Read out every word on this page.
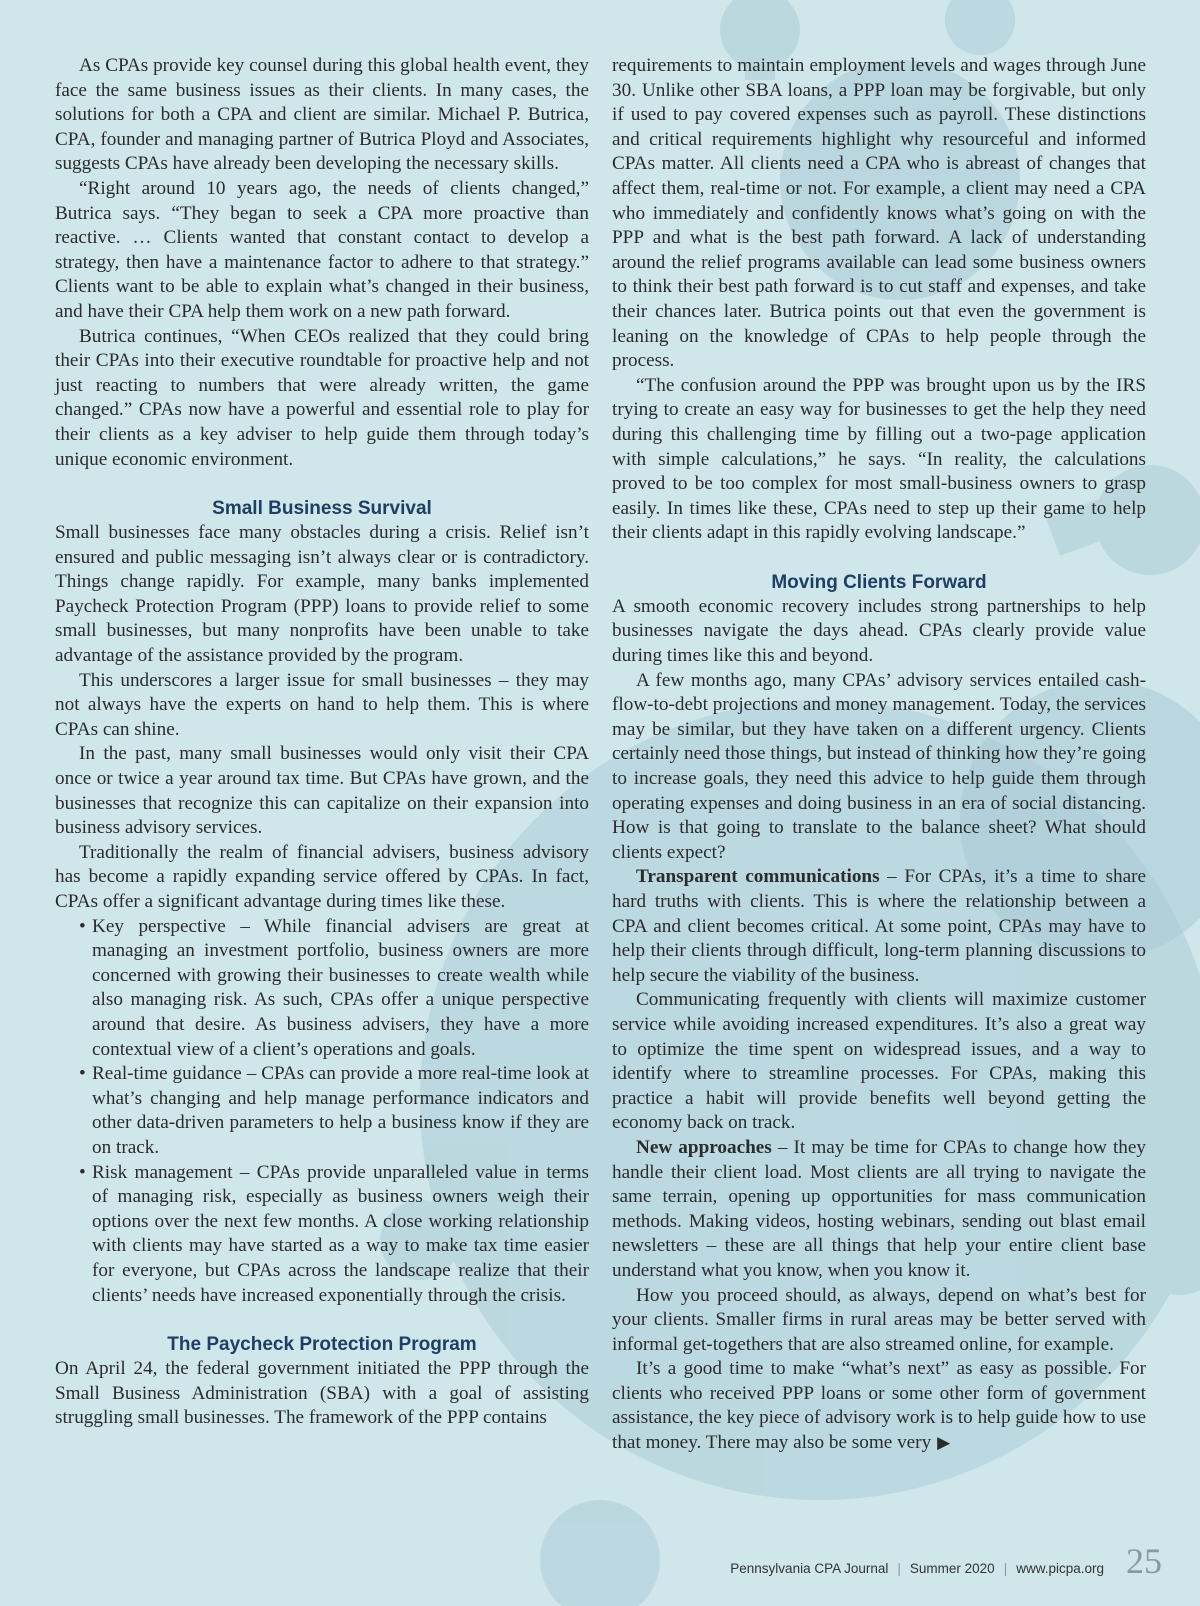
As CPAs provide key counsel during this global health event, they face the same business issues as their clients. In many cases, the solutions for both a CPA and client are similar. Michael P. Butrica, CPA, founder and managing partner of Butrica Ployd and Associates, suggests CPAs have already been developing the necessary skills.

“Right around 10 years ago, the needs of clients changed,” Butrica says. “They began to seek a CPA more proactive than reactive. … Clients wanted that constant contact to develop a strategy, then have a maintenance factor to adhere to that strategy.” Clients want to be able to explain what’s changed in their business, and have their CPA help them work on a new path forward.

Butrica continues, “When CEOs realized that they could bring their CPAs into their executive roundtable for proactive help and not just reacting to numbers that were already written, the game changed.” CPAs now have a powerful and essential role to play for their clients as a key adviser to help guide them through today’s unique economic environment.

Small Business Survival

Small businesses face many obstacles during a crisis. Relief isn’t ensured and public messaging isn’t always clear or is contradictory. Things change rapidly. For example, many banks implemented Paycheck Protection Program (PPP) loans to provide relief to some small businesses, but many nonprofits have been unable to take advantage of the assistance provided by the program.

This underscores a larger issue for small businesses – they may not always have the experts on hand to help them. This is where CPAs can shine.

In the past, many small businesses would only visit their CPA once or twice a year around tax time. But CPAs have grown, and the businesses that recognize this can capitalize on their expansion into business advisory services.

Traditionally the realm of financial advisers, business advisory has become a rapidly expanding service offered by CPAs. In fact, CPAs offer a significant advantage during times like these.

• Key perspective – While financial advisers are great at managing an investment portfolio, business owners are more concerned with growing their businesses to create wealth while also managing risk. As such, CPAs offer a unique perspective around that desire. As business advisers, they have a more contextual view of a client’s operations and goals.
• Real-time guidance – CPAs can provide a more real-time look at what’s changing and help manage performance indicators and other data-driven parameters to help a business know if they are on track.
• Risk management – CPAs provide unparalleled value in terms of managing risk, especially as business owners weigh their options over the next few months. A close working relationship with clients may have started as a way to make tax time easier for everyone, but CPAs across the landscape realize that their clients’ needs have increased exponentially through the crisis.
The Paycheck Protection Program

On April 24, the federal government initiated the PPP through the Small Business Administration (SBA) with a goal of assisting struggling small businesses. The framework of the PPP contains

requirements to maintain employment levels and wages through June 30. Unlike other SBA loans, a PPP loan may be forgivable, but only if used to pay covered expenses such as payroll. These distinctions and critical requirements highlight why resourceful and informed CPAs matter. All clients need a CPA who is abreast of changes that affect them, real-time or not. For example, a client may need a CPA who immediately and confidently knows what’s going on with the PPP and what is the best path forward. A lack of understanding around the relief programs available can lead some business owners to think their best path forward is to cut staff and expenses, and take their chances later. Butrica points out that even the government is leaning on the knowledge of CPAs to help people through the process.

“The confusion around the PPP was brought upon us by the IRS trying to create an easy way for businesses to get the help they need during this challenging time by filling out a two-page application with simple calculations,” he says. “In reality, the calculations proved to be too complex for most small-business owners to grasp easily. In times like these, CPAs need to step up their game to help their clients adapt in this rapidly evolving landscape.”

Moving Clients Forward

A smooth economic recovery includes strong partnerships to help businesses navigate the days ahead. CPAs clearly provide value during times like this and beyond.

A few months ago, many CPAs’ advisory services entailed cash-flow-to-debt projections and money management. Today, the services may be similar, but they have taken on a different urgency. Clients certainly need those things, but instead of thinking how they’re going to increase goals, they need this advice to help guide them through operating expenses and doing business in an era of social distancing. How is that going to translate to the balance sheet? What should clients expect?

Transparent communications – For CPAs, it’s a time to share hard truths with clients. This is where the relationship between a CPA and client becomes critical. At some point, CPAs may have to help their clients through difficult, long-term planning discussions to help secure the viability of the business.

Communicating frequently with clients will maximize customer service while avoiding increased expenditures. It’s also a great way to optimize the time spent on widespread issues, and a way to identify where to streamline processes. For CPAs, making this practice a habit will provide benefits well beyond getting the economy back on track.

New approaches – It may be time for CPAs to change how they handle their client load. Most clients are all trying to navigate the same terrain, opening up opportunities for mass communication methods. Making videos, hosting webinars, sending out blast email newsletters – these are all things that help your entire client base understand what you know, when you know it.

How you proceed should, as always, depend on what’s best for your clients. Smaller firms in rural areas may be better served with informal get-togethers that are also streamed online, for example.

It’s a good time to make “what’s next” as easy as possible. For clients who received PPP loans or some other form of government assistance, the key piece of advisory work is to help guide how to use that money. There may also be some very ▶

Pennsylvania CPA Journal | Summer 2020 | www.picpa.org 25
